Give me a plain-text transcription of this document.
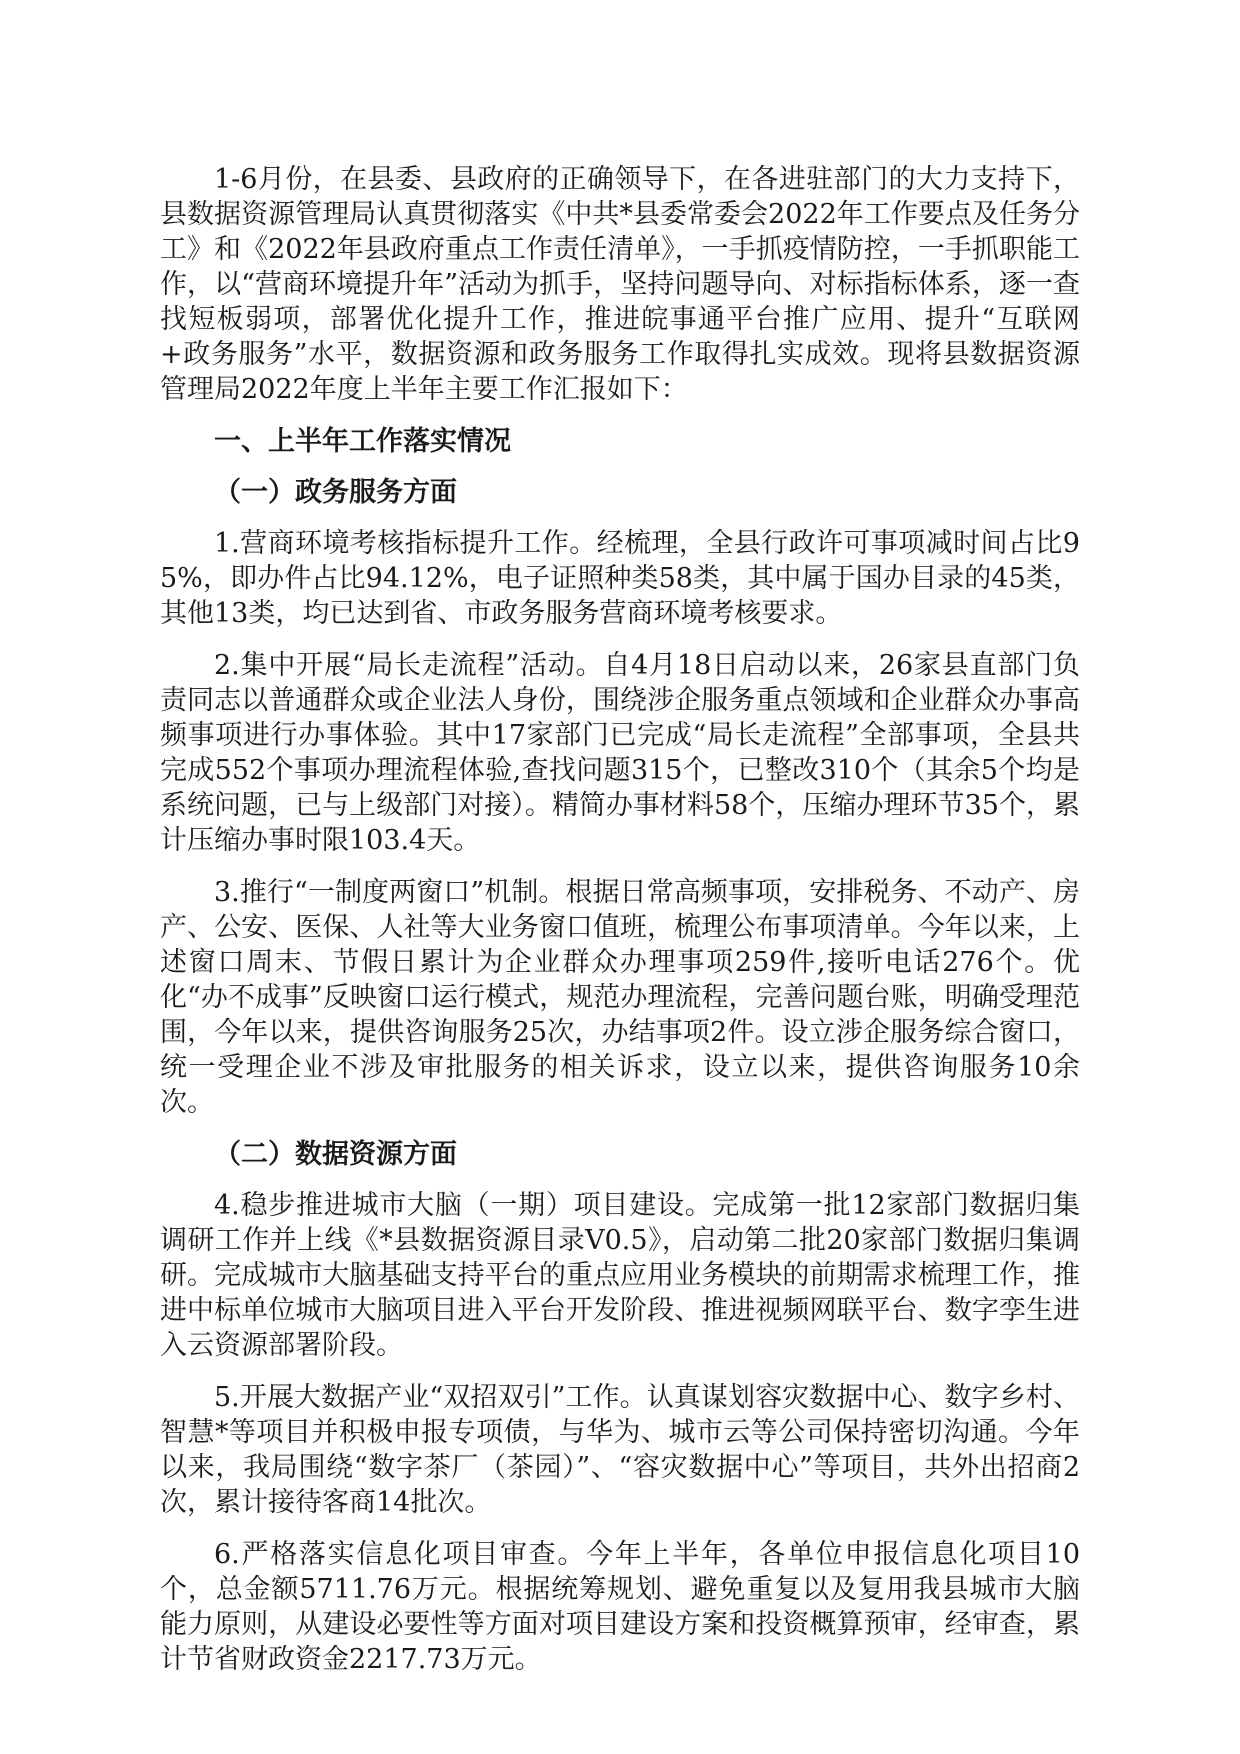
1-6月份，在县委、县政府的正确领导下，在各进驻部门的大力支持下，县数据资源管理局认真贯彻落实《中共*县委常委会2022年工作要点及任务分工》和《2022年县政府重点工作责任清单》，一手抓疫情防控，一手抓职能工作，以“营商环境提升年”活动为抓手，坚持问题导向、对标指标体系，逐一查找短板弱项，部署优化提升工作，推进皖事通平台推广应用、提升“互联网+政务服务”水平，数据资源和政务服务工作取得扎实成效。现将县数据资源管理局2022年度上半年主要工作汇报如下：

一、上半年工作落实情况

（一）政务服务方面

1.营商环境考核指标提升工作。经梳理，全县行政许可事项减时间占比95%，即办件占比94.12%，电子证照种类58类，其中属于国办目录的45类，其他13类，均已达到省、市政务服务营商环境考核要求。

2.集中开展“局长走流程”活动。自4月18日启动以来，26家县直部门负责同志以普通群众或企业法人身份，围绕涉企服务重点领域和企业群众办事高频事项进行办事体验。其中17家部门已完成“局长走流程”全部事项，全县共完成552个事项办理流程体验,查找问题315个，已整改310个（其余5个均是系统问题，已与上级部门对接）。精简办事材料58个，压缩办理环节35个，累计压缩办事时限103.4天。

3.推行“一制度两窗口”机制。根据日常高频事项，安排税务、不动产、房产、公安、医保、人社等大业务窗口值班，梳理公布事项清单。今年以来，上述窗口周末、节假日累计为企业群众办理事项259件,接听电话276个。优化“办不成事”反映窗口运行模式，规范办理流程，完善问题台账，明确受理范围，今年以来，提供咨询服务25次，办结事项2件。设立涉企服务综合窗口，统一受理企业不涉及审批服务的相关诉求，设立以来，提供咨询服务10余次。

（二）数据资源方面

4.稳步推进城市大脑（一期）项目建设。完成第一批12家部门数据归集调研工作并上线《*县数据资源目录V0.5》，启动第二批20家部门数据归集调研。完成城市大脑基础支持平台的重点应用业务模块的前期需求梳理工作，推进中标单位城市大脑项目进入平台开发阶段、推进视频网联平台、数字孪生进入云资源部署阶段。

5.开展大数据产业“双招双引”工作。认真谋划容灾数据中心、数字乡村、智慧*等项目并积极申报专项债，与华为、城市云等公司保持密切沟通。今年以来，我局围绕“数字茶厂（茶园）”、“容灾数据中心”等项目，共外出招商2次，累计接待客商14批次。

6.严格落实信息化项目审查。今年上半年，各单位申报信息化项目10个，总金额5711.76万元。根据统筹规划、避免重复以及复用我县城市大脑能力原则，从建设必要性等方面对项目建设方案和投资概算预审，经审查，累计节省财政资金2217.73万元。
